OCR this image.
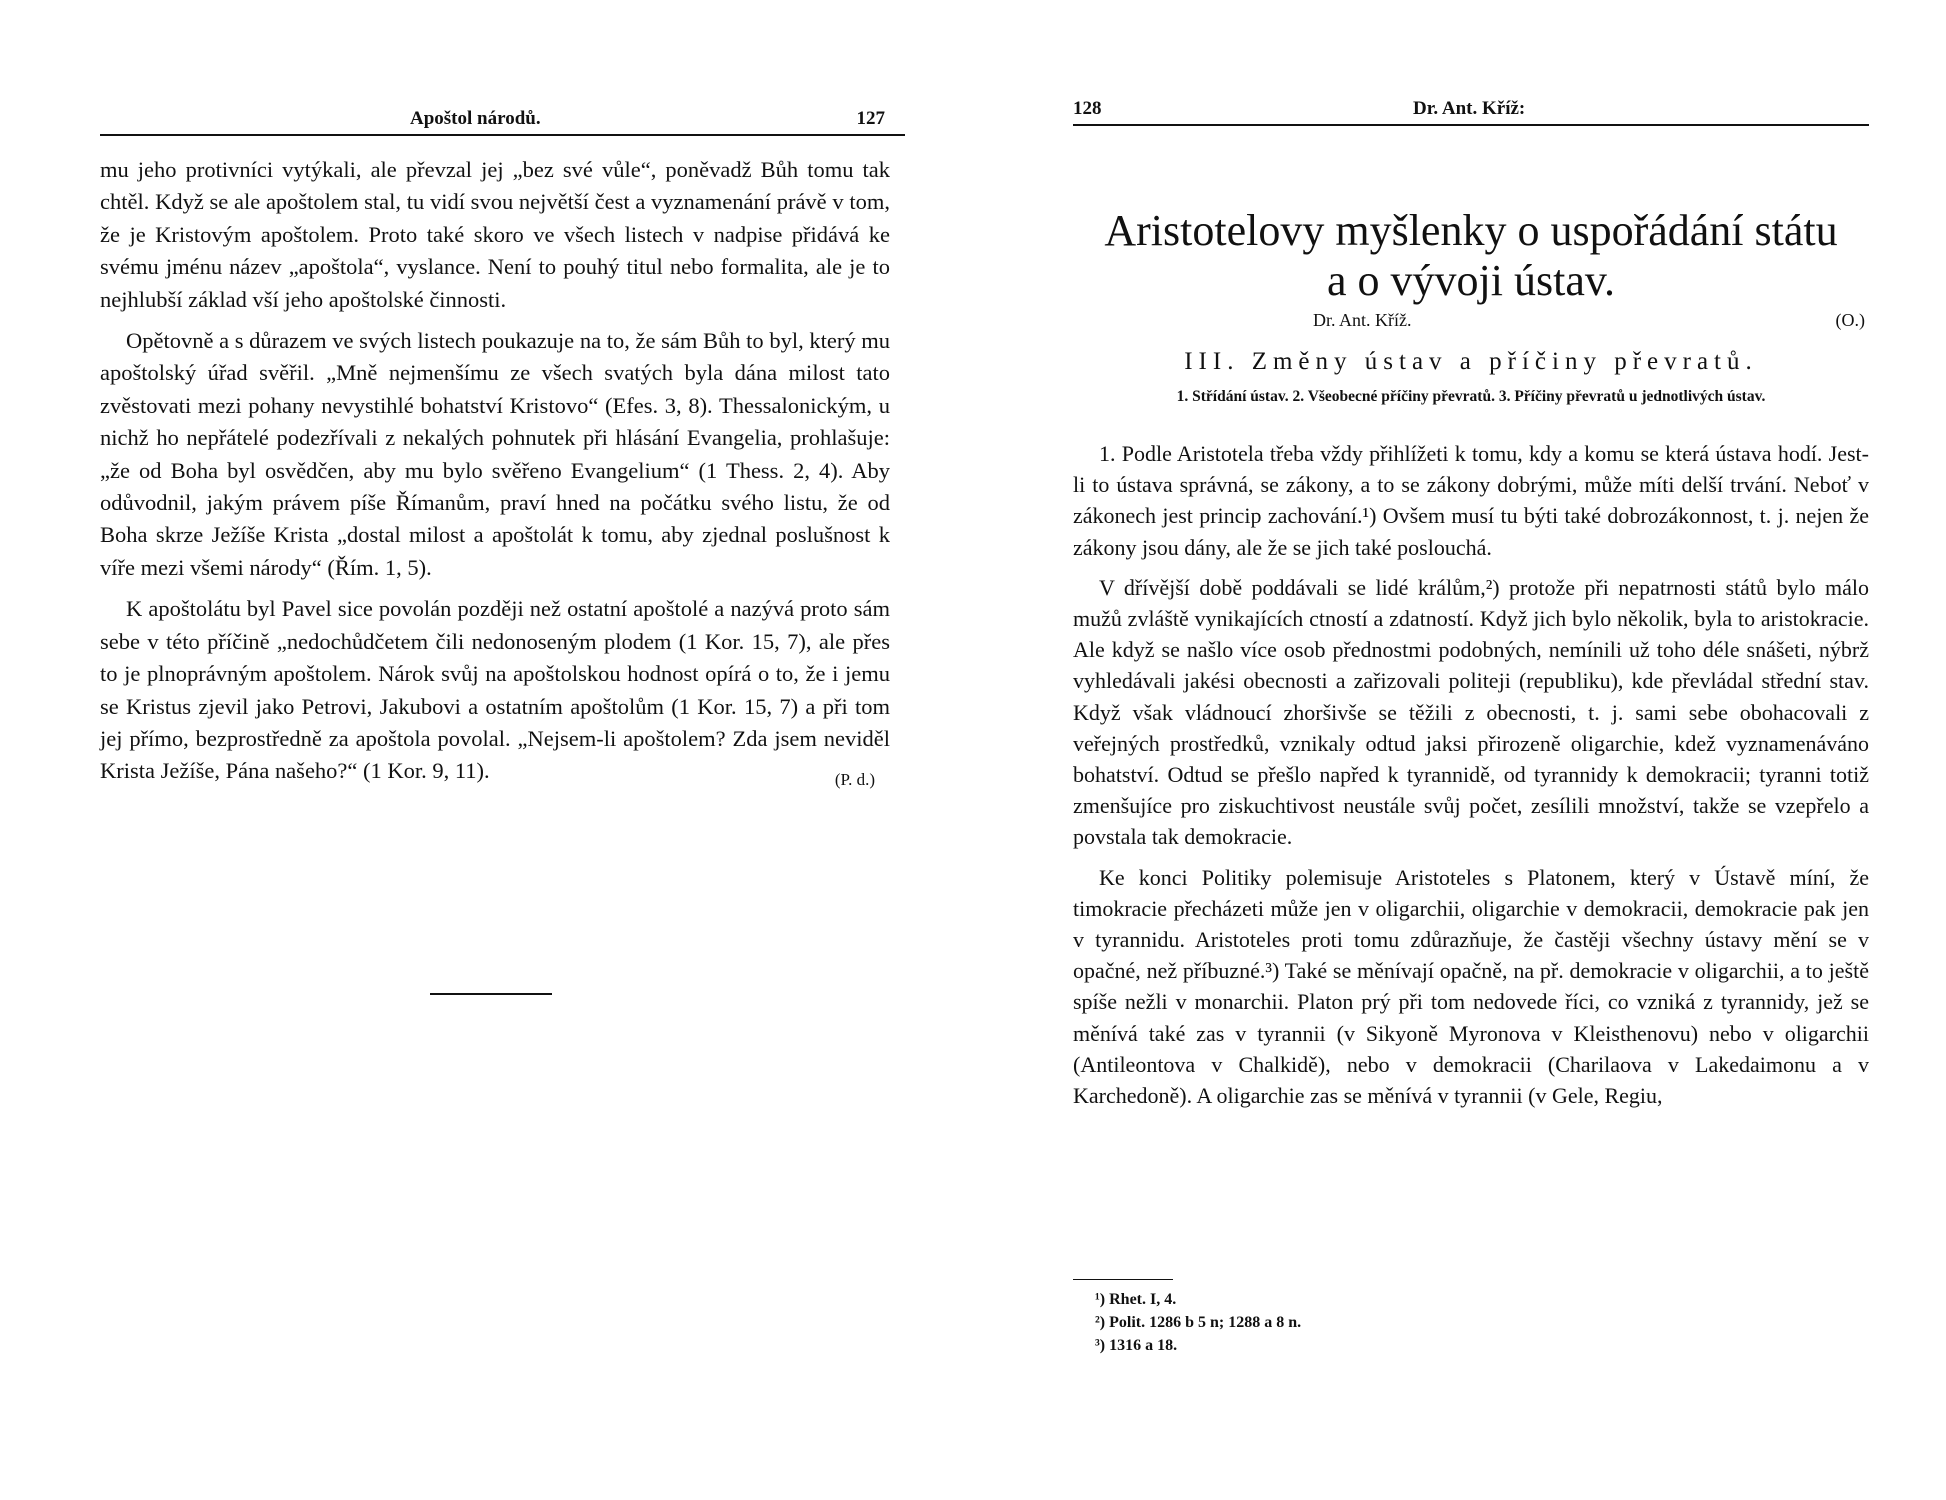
Apoštol národů.	127

mu jeho protivníci vytýkali, ale převzal jej „bez své vůle“, poněvadž Bůh tomu tak chtěl. Když se ale apoštolem stal, tu vidí svou největší čest a vyznamenání právě v tom, že je Kristovým apoštolem. Proto také skoro ve všech listech v nadpise přidává ke svému jménu název „apoštola“, vyslance. Není to pouhý titul nebo formalita, ale je to nejhlubší základ vší jeho apoštolské činnosti.

Opětovně a s důrazem ve svých listech poukazuje na to, že sám Bůh to byl, který mu apoštolský úřad svěřil. „Mně nejmenšímu ze všech svatých byla dána milost tato zvěstovati mezi pohany nevystihlé bohatství Kristovo“ (Efes. 3, 8). Thessalonickým, u nichž ho nepřátelé podezřívali z nekalých pohnutek při hlásání Evangelia, prohlašuje: „že od Boha byl osvědčen, aby mu bylo svěřeno Evangelium“ (1 Thess. 2, 4). Aby odůvodnil, jakým právem píše Římanům, praví hned na počátku svého listu, že od Boha skrze Ježíše Krista „dostal milost a apoštolát k tomu, aby zjednal poslušnost k víře mezi všemi národy“ (Řím. 1, 5).

K apoštolátu byl Pavel sice povolán později než ostatní apoštolé a nazývá proto sám sebe v této příčině „nedochůdčetem čili nedonoseným plodem (1 Kor. 15, 7), ale přes to je plnoprávným apoštolem. Nárok svůj na apoštolskou hodnost opírá o to, že i jemu se Kristus zjevil jako Petrovi, Jakubovi a ostatním apoštolům (1 Kor. 15, 7) a při tom jej přímo, bezprostředně za apoštola povolal. „Nejsem-li apoštolem? Zda jsem neviděl Krista Ježíše, Pána našeho?“ (1 Kor. 9, 11).	(P. d.)
128	Dr. Ant. Kříž:
Aristotelovy myšlenky o uspořádání státu
a o vývoji ústav.
Dr. Ant. Kříž.	(O.)
III. Změny ústav a příčiny převratů.
1. Střídání ústav. 2. Všeobecné příčiny převratů. 3. Příčiny převratů u jednotlivých ústav.

1. Podle Aristotela třeba vždy přihlížeti k tomu, kdy a komu se která ústava hodí. Jest-li to ústava správná, se zákony, a to se zákony dobrými, může míti delší trvání. Neboť v zákonech jest princip zachování.¹) Ovšem musí tu býti také dobrozákonnost, t. j. nejen že zákony jsou dány, ale že se jich také poslouchá.

V dřívější době poddávali se lidé králům,²) protože při nepatrnosti států bylo málo mužů zvláště vynikajících ctností a zdatností. Když jich bylo několik, byla to aristokracie. Ale když se našlo více osob přednostmi podobných, nemínili už toho déle snášeti, nýbrž vyhledávali jakési obecnosti a zařizovali politeji (republiku), kde převládal střední stav. Když však vládnoucí zhoršivše se těžili z obecnosti, t. j. sami sebe obohacovali z veřejných prostředků, vznikaly odtud jaksi přirozeně oligarchie, kdež vyznamenáváno bohatství. Odtud se přešlo napřed k tyrannidě, od tyrannidy k demokracii; tyranni totiž zmenšujíce pro ziskuchtivost neustále svůj počet, zesílili množství, takže se vzepřelo a povstala tak demokracie.

Ke konci Politiky polemisuje Aristoteles s Platonem, který v Ústavě míní, že timokracie přecházeti může jen v oligarchii, oligarchie v demokracii, demokracie pak jen v tyrannidu. Aristoteles proti tomu zdůrazňuje, že častěji všechny ústavy mění se v opačné, než příbuzné.³) Také se měnívají opačně, na př. demokracie v oligarchii, a to ještě spíše nežli v monarchii. Platon prý při tom nedovede říci, co vzniká z tyrannidy, jež se měnívá také zas v tyrannii (v Sikyoně Myronova v Kleisthenovu) nebo v oligarchii (Antileontova v Chalkidě), nebo v demokracii (Charilaova v Lakedaimonu a v Karchedoně). A oligarchie zas se měnívá v tyrannii (v Gele, Regiu,

¹) Rhet. I, 4.
²) Polit. 1286 b 5 n; 1288 a 8 n.
³) 1316 a 18.
